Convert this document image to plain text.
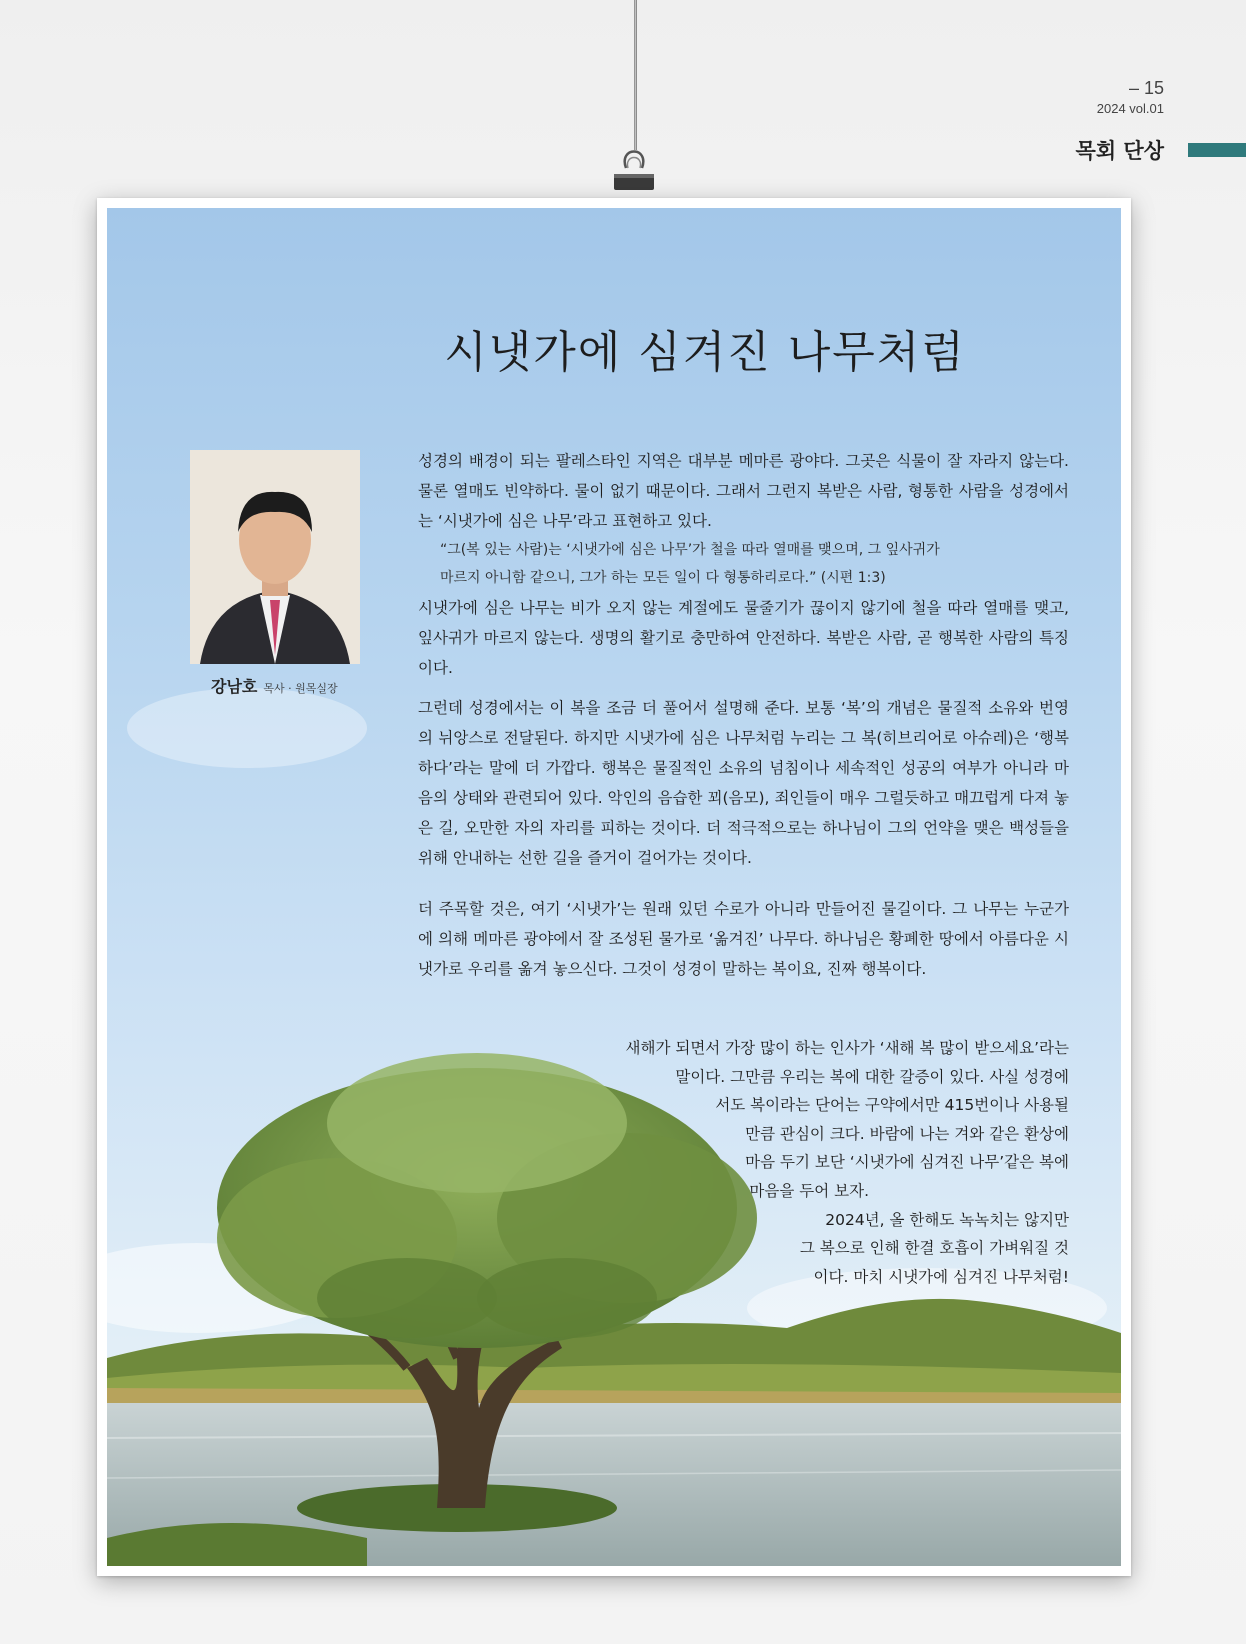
– 15
2024 vol.01
목회 단상
시냇가에 심겨진 나무처럼
강남호 목사 · 원목실장
성경의 배경이 되는 팔레스타인 지역은 대부분 메마른 광야다. 그곳은 식물이 잘 자라지 않는다. 물론 열매도 빈약하다. 물이 없기 때문이다. 그래서 그런지 복받은 사람, 형통한 사람을 성경에서는 ‘시냇가에 심은 나무’라고 표현하고 있다.
“그(복 있는 사람)는 ‘시냇가에 심은 나무’가 철을 따라 열매를 맺으며, 그 잎사귀가
마르지 아니함 같으니, 그가 하는 모든 일이 다 형통하리로다.” (시편 1:3)
시냇가에 심은 나무는 비가 오지 않는 계절에도 물줄기가 끊이지 않기에 철을 따라 열매를 맺고, 잎사귀가 마르지 않는다. 생명의 활기로 충만하여 안전하다. 복받은 사람, 곧 행복한 사람의 특징이다.
그런데 성경에서는 이 복을 조금 더 풀어서 설명해 준다. 보통 ‘복’의 개념은 물질적 소유와 번영의 뉘앙스로 전달된다. 하지만 시냇가에 심은 나무처럼 누리는 그 복(히브리어로 아슈레)은 ‘행복하다’라는 말에 더 가깝다. 행복은 물질적인 소유의 넘침이나 세속적인 성공의 여부가 아니라 마음의 상태와 관련되어 있다. 악인의 음습한 꾀(음모), 죄인들이 매우 그럴듯하고 매끄럽게 다져 놓은 길, 오만한 자의 자리를 피하는 것이다. 더 적극적으로는 하나님이 그의 언약을 맺은 백성들을 위해 안내하는 선한 길을 즐거이 걸어가는 것이다.
더 주목할 것은, 여기 ‘시냇가’는 원래 있던 수로가 아니라 만들어진 물길이다. 그 나무는 누군가에 의해 메마른 광야에서 잘 조성된 물가로 ‘옮겨진’ 나무다. 하나님은 황폐한 땅에서 아름다운 시냇가로 우리를 옮겨 놓으신다. 그것이 성경이 말하는 복이요, 진짜 행복이다.
새해가 되면서 가장 많이 하는 인사가 ‘새해 복 많이 받으세요’라는
말이다. 그만큼 우리는 복에 대한 갈증이 있다. 사실 성경에
서도 복이라는 단어는 구약에서만 415번이나 사용될
만큼 관심이 크다. 바람에 나는 겨와 같은 환상에
마음 두기 보단 ‘시냇가에 심겨진 나무’같은 복에
마음을 두어 보자.
2024년, 올 한해도 녹녹치는 않지만
그 복으로 인해 한결 호흡이 가벼워질 것
이다. 마치 시냇가에 심겨진 나무처럼!
